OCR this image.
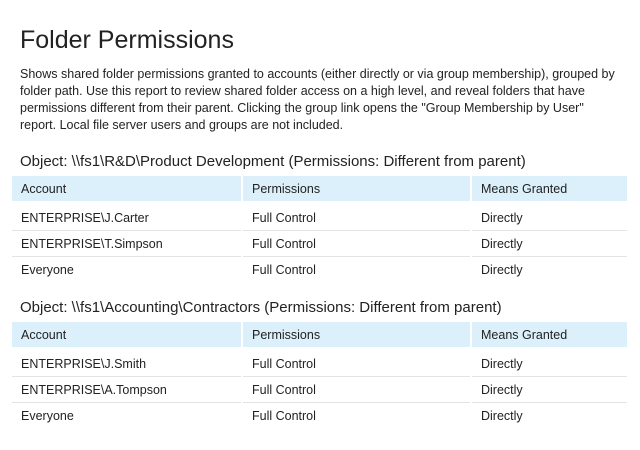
Folder Permissions

Shows shared folder permissions granted to accounts (either directly or via group membership), grouped by folder path. Use this report to review shared folder access on a high level, and reveal folders that have permissions different from their parent. Clicking the group link opens the "Group Membership by User" report. Local file server users and groups are not included.

Object: \\fs1\R&D\Product Development (Permissions: Different from parent)
Account	Permissions	Means Granted
ENTERPRISE\J.Carter	Full Control	Directly
ENTERPRISE\T.Simpson	Full Control	Directly
Everyone	Full Control	Directly
Object: \\fs1\Accounting\Contractors (Permissions: Different from parent)
Account	Permissions	Means Granted
ENTERPRISE\J.Smith	Full Control	Directly
ENTERPRISE\A.Tompson	Full Control	Directly
Everyone	Full Control	Directly
